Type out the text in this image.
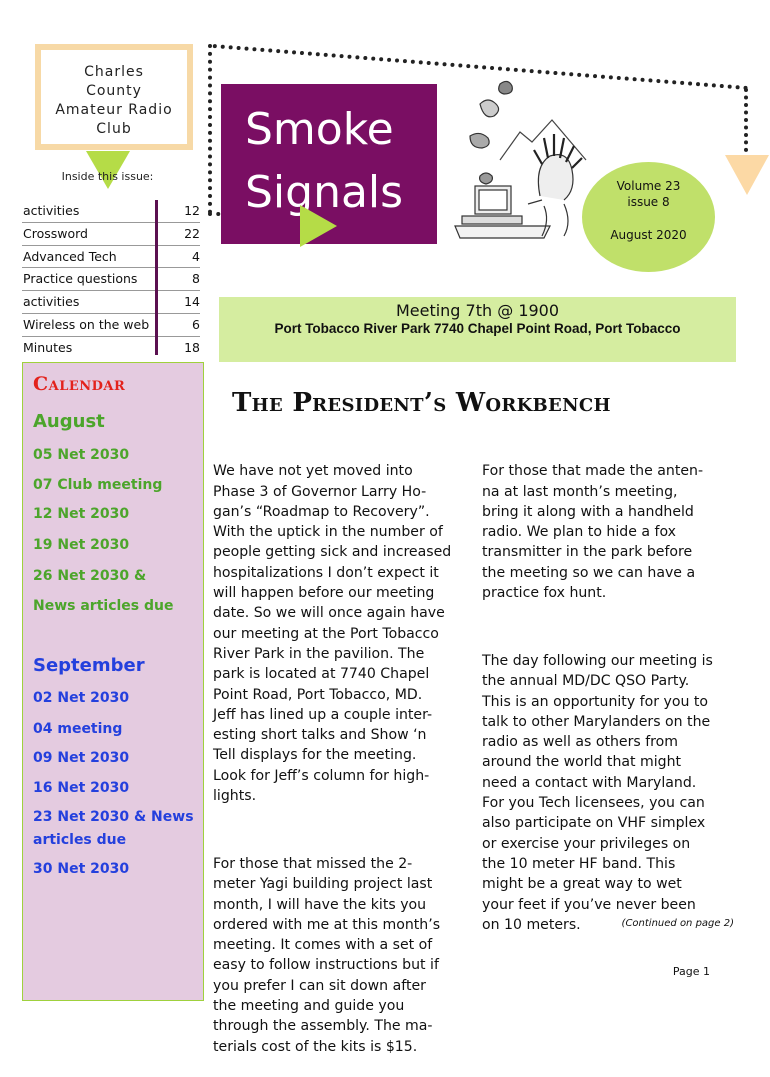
Charles
County
Amateur Radio
Club
Inside this issue:
activities	12
Crossword	22
Advanced Tech	4
Practice questions	8
activities	14
Wireless on the web	6
Minutes	18
Smoke
Signals	Volume 23
issue 8
August 2020
Meeting 7th @ 1900
Port Tobacco River Park 7740 Chapel Point Road, Port Tobacco
Calendar
August
05 Net 2030
07 Club meeting
12 Net 2030
19 Net 2030
26 Net 2030 &
News articles due
September
02 Net 2030
04 meeting
09 Net 2030
16 Net 2030
23 Net 2030 & News
articles due
30 Net 2030
The President’s Workbench

We have not yet moved into
Phase 3 of Governor Larry Ho-
gan’s “Roadmap to Recovery”.
With the uptick in the number of
people getting sick and increased
hospitalizations I don’t expect it
will happen before our meeting
date. So we will once again have
our meeting at the Port Tobacco
River Park in the pavilion. The
park is located at 7740 Chapel
Point Road, Port Tobacco, MD.
Jeff has lined up a couple inter-
esting short talks and Show ‘n
Tell displays for the meeting.
Look for Jeff’s column for high-
lights.

For those that missed the 2-
meter Yagi building project last
month, I will have the kits you
ordered with me at this month’s
meeting. It comes with a set of
easy to follow instructions but if
you prefer I can sit down after
the meeting and guide you
through the assembly. The ma-
terials cost of the kits is $15.

For those that made the anten-
na at last month’s meeting,
bring it along with a handheld
radio. We plan to hide a fox
transmitter in the park before
the meeting so we can have a
practice fox hunt.

The day following our meeting is
the annual MD/DC QSO Party.
This is an opportunity for you to
talk to other Marylanders on the
radio as well as others from
around the world that might
need a contact with Maryland.
For you Tech licensees, you can
also participate on VHF simplex
or exercise your privileges on
the 10 meter HF band. This
might be a great way to wet
your feet if you’ve never been
on 10 meters.	(Continued on page 2)
Page 1
